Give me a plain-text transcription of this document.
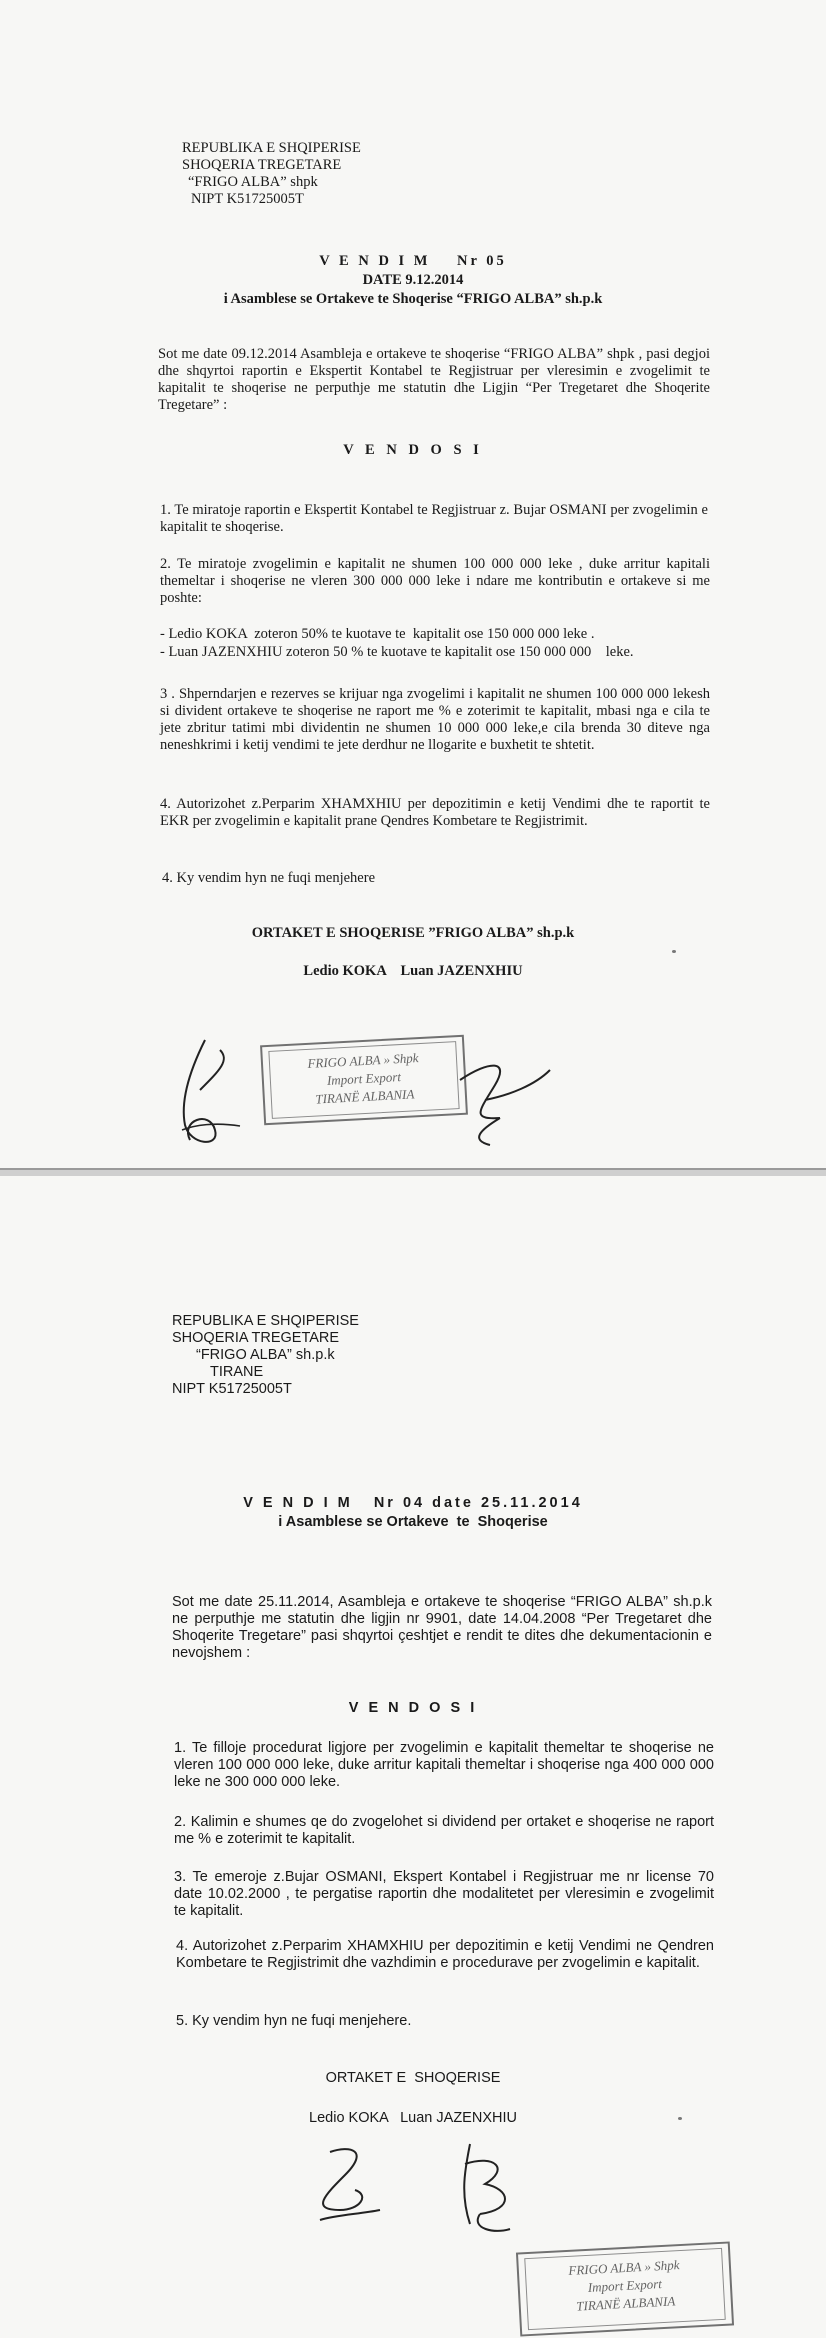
REPUBLIKA E SHQIPERISE
SHOQERIA TREGETARE
“FRIGO ALBA” shpk
NIPT K51725005T
V E N D I M    Nr 05
DATE 9.12.2014
i Asamblese se Ortakeve te Shoqerise “FRIGO ALBA” sh.p.k
Sot me date 09.12.2014 Asambleja e ortakeve te shoqerise “FRIGO ALBA” shpk , pasi degjoi dhe shqyrtoi raportin e Ekspertit Kontabel te Regjistruar per vleresimin e zvogelimit te kapitalit te shoqerise ne perputhje me statutin dhe Ligjin “Per Tregetaret dhe Shoqerite Tregetare” :
V E N D O S I
1. Te miratoje raportin e Ekspertit Kontabel te Regjistruar z. Bujar OSMANI per zvogelimin e kapitalit te shoqerise.
2. Te miratoje zvogelimin e kapitalit ne shumen 100 000 000 leke , duke arritur kapitali themeltar i shoqerise ne vleren 300 000 000 leke i ndare me kontributin e ortakeve si me poshte:
- Ledio KOKA  zoteron 50% te kuotave te  kapitalit ose 150 000 000 leke .
- Luan JAZENXHIU zoteron 50 % te kuotave te kapitalit ose 150 000 000    leke.
3 . Shperndarjen e rezerves se krijuar nga zvogelimi i kapitalit ne shumen 100 000 000 lekesh si divident ortakeve te shoqerise ne raport me % e zoterimit te kapitalit, mbasi nga e cila te jete zbritur tatimi mbi dividentin ne shumen 10 000 000 leke,e cila brenda 30 diteve nga neneshkrimi i ketij vendimi te jete derdhur ne llogarite e buxhetit te shtetit.
4. Autorizohet z.Perparim XHAMXHIU per depozitimin e ketij Vendimi dhe te raportit te EKR per zvogelimin e kapitalit prane Qendres Kombetare te Regjistrimit.
4. Ky vendim hyn ne fuqi menjehere
ORTAKET E SHOQERISE ”FRIGO ALBA” sh.p.k
Ledio KOKA    Luan JAZENXHIU
FRIGO ALBA » Shpk
Import Export
TIRANË ALBANIA
REPUBLIKA E SHQIPERISE
SHOQERIA TREGETARE
“FRIGO ALBA” sh.p.k
TIRANE
NIPT K51725005T
V E N D I M   Nr 04 date 25.11.2014
i Asamblese se Ortakeve  te  Shoqerise
Sot me date 25.11.2014, Asambleja e ortakeve te shoqerise “FRIGO ALBA” sh.p.k ne perputhje me statutin dhe ligjin nr 9901, date 14.04.2008 “Per Tregetaret dhe Shoqerite Tregetare” pasi shqyrtoi çeshtjet e rendit te dites dhe dekumentacionin e nevojshem :
V E N D O S I
1. Te filloje procedurat ligjore per zvogelimin e kapitalit themeltar te shoqerise ne vleren 100 000 000 leke, duke arritur kapitali themeltar i shoqerise nga 400 000 000 leke ne 300 000 000 leke.
2. Kalimin e shumes qe do zvogelohet si dividend per ortaket e shoqerise ne raport me % e zoterimit te kapitalit.
3. Te emeroje z.Bujar OSMANI, Ekspert Kontabel i Regjistruar me nr license 70 date 10.02.2000 , te pergatise raportin dhe modalitetet per vleresimin e zvogelimit te kapitalit.
4. Autorizohet z.Perparim XHAMXHIU per depozitimin e ketij Vendimi ne Qendren Kombetare te Regjistrimit dhe vazhdimin e procedurave per zvogelimin e kapitalit.
5. Ky vendim hyn ne fuqi menjehere.
ORTAKET E  SHOQERISE
Ledio KOKA   Luan JAZENXHIU
FRIGO ALBA » Shpk
Import Export
TIRANË ALBANIA
